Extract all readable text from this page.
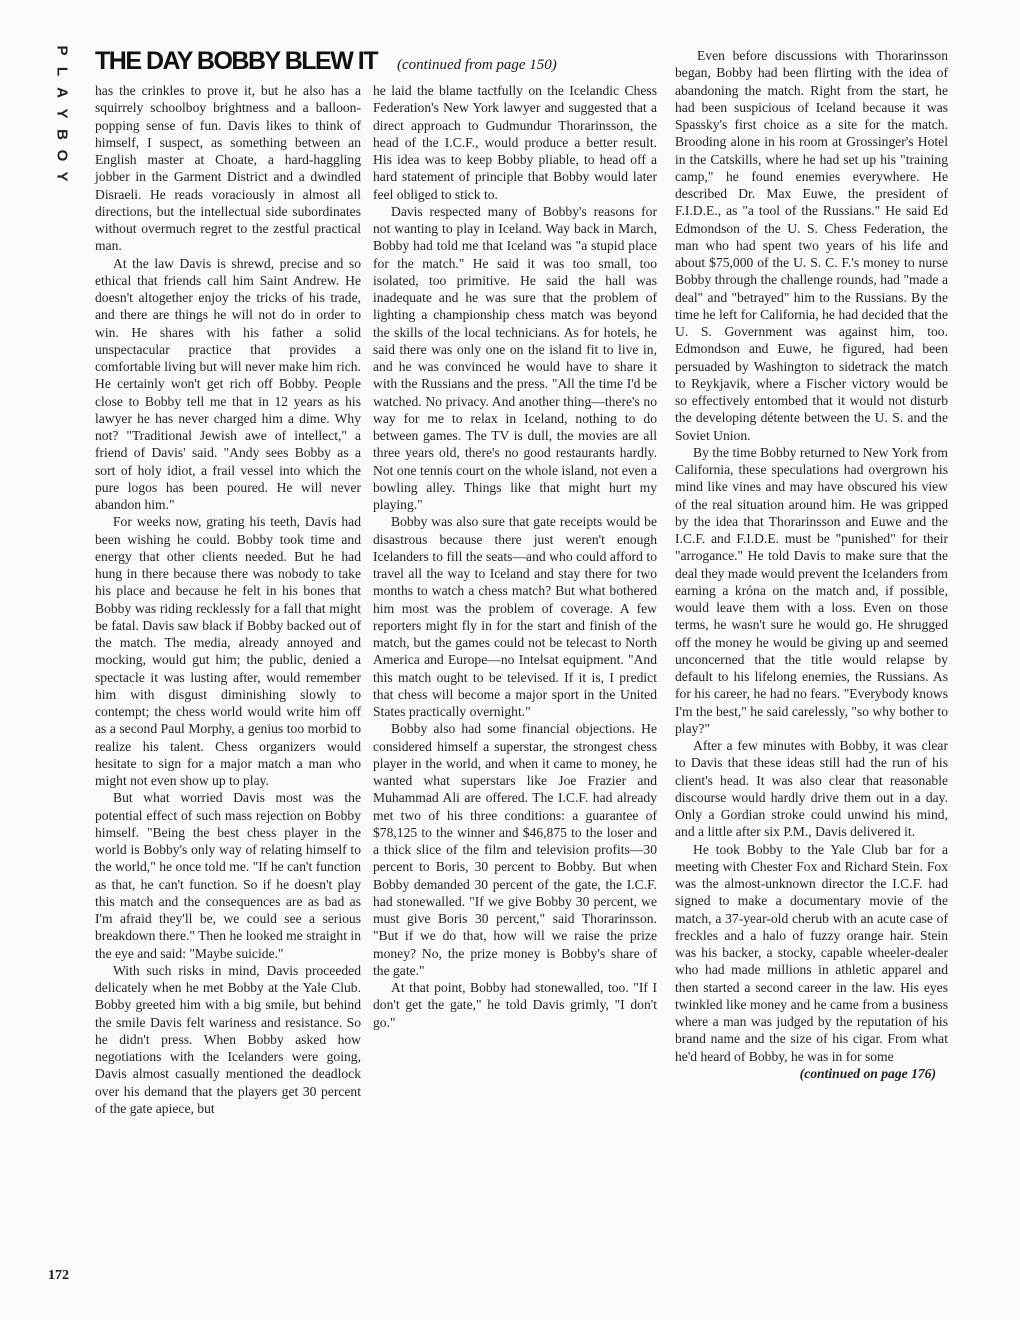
P
L
A
Y
B
O
Y
THE DAY BOBBY BLEW IT (continued from page 150)

has the crinkles to prove it, but he also has a squirrely schoolboy brightness and a balloon-popping sense of fun. Davis likes to think of himself, I suspect, as something between an English master at Choate, a hard-haggling jobber in the Garment District and a dwindled Disraeli. He reads voraciously in almost all directions, but the intellectual side subordinates without overmuch regret to the zestful practical man.

At the law Davis is shrewd, precise and so ethical that friends call him Saint Andrew. He doesn't altogether enjoy the tricks of his trade, and there are things he will not do in order to win. He shares with his father a solid unspectacular practice that provides a comfortable living but will never make him rich. He certainly won't get rich off Bobby. People close to Bobby tell me that in 12 years as his lawyer he has never charged him a dime. Why not? "Traditional Jewish awe of intellect," a friend of Davis' said. "Andy sees Bobby as a sort of holy idiot, a frail vessel into which the pure logos has been poured. He will never abandon him."

For weeks now, grating his teeth, Davis had been wishing he could. Bobby took time and energy that other clients needed. But he had hung in there because there was nobody to take his place and because he felt in his bones that Bobby was riding recklessly for a fall that might be fatal. Davis saw black if Bobby backed out of the match. The media, already annoyed and mocking, would gut him; the public, denied a spectacle it was lusting after, would remember him with disgust diminishing slowly to contempt; the chess world would write him off as a second Paul Morphy, a genius too morbid to realize his talent. Chess organizers would hesitate to sign for a major match a man who might not even show up to play.

But what worried Davis most was the potential effect of such mass rejection on Bobby himself. "Being the best chess player in the world is Bobby's only way of relating himself to the world," he once told me. "If he can't function as that, he can't function. So if he doesn't play this match and the consequences are as bad as I'm afraid they'll be, we could see a serious breakdown there." Then he looked me straight in the eye and said: "Maybe suicide."

With such risks in mind, Davis proceeded delicately when he met Bobby at the Yale Club. Bobby greeted him with a big smile, but behind the smile Davis felt wariness and resistance. So he didn't press. When Bobby asked how negotiations with the Icelanders were going, Davis almost casually mentioned the deadlock over his demand that the players get 30 percent of the gate apiece, but

he laid the blame tactfully on the Icelandic Chess Federation's New York lawyer and suggested that a direct approach to Gudmundur Thorarinsson, the head of the I.C.F., would produce a better result. His idea was to keep Bobby pliable, to head off a hard statement of principle that Bobby would later feel obliged to stick to.

Davis respected many of Bobby's reasons for not wanting to play in Iceland. Way back in March, Bobby had told me that Iceland was "a stupid place for the match." He said it was too small, too isolated, too primitive. He said the hall was inadequate and he was sure that the problem of lighting a championship chess match was beyond the skills of the local technicians. As for hotels, he said there was only one on the island fit to live in, and he was convinced he would have to share it with the Russians and the press. "All the time I'd be watched. No privacy. And another thing—there's no way for me to relax in Iceland, nothing to do between games. The TV is dull, the movies are all three years old, there's no good restaurants hardly. Not one tennis court on the whole island, not even a bowling alley. Things like that might hurt my playing."

Bobby was also sure that gate receipts would be disastrous because there just weren't enough Icelanders to fill the seats—and who could afford to travel all the way to Iceland and stay there for two months to watch a chess match? But what bothered him most was the problem of coverage. A few reporters might fly in for the start and finish of the match, but the games could not be telecast to North America and Europe—no Intelsat equipment. "And this match ought to be televised. If it is, I predict that chess will become a major sport in the United States practically overnight."

Bobby also had some financial objections. He considered himself a superstar, the strongest chess player in the world, and when it came to money, he wanted what superstars like Joe Frazier and Muhammad Ali are offered. The I.C.F. had already met two of his three conditions: a guarantee of $78,125 to the winner and $46,875 to the loser and a thick slice of the film and television profits—30 percent to Boris, 30 percent to Bobby. But when Bobby demanded 30 percent of the gate, the I.C.F. had stonewalled. "If we give Bobby 30 percent, we must give Boris 30 percent," said Thorarinsson. "But if we do that, how will we raise the prize money? No, the prize money is Bobby's share of the gate."

At that point, Bobby had stonewalled, too. "If I don't get the gate," he told Davis grimly, "I don't go."

Even before discussions with Thorarinsson began, Bobby had been flirting with the idea of abandoning the match. Right from the start, he had been suspicious of Iceland because it was Spassky's first choice as a site for the match. Brooding alone in his room at Grossinger's Hotel in the Catskills, where he had set up his "training camp," he found enemies everywhere. He described Dr. Max Euwe, the president of F.I.D.E., as "a tool of the Russians." He said Ed Edmondson of the U. S. Chess Federation, the man who had spent two years of his life and about $75,000 of the U. S. C. F.'s money to nurse Bobby through the challenge rounds, had "made a deal" and "betrayed" him to the Russians. By the time he left for California, he had decided that the U. S. Government was against him, too. Edmondson and Euwe, he figured, had been persuaded by Washington to sidetrack the match to Reykjavik, where a Fischer victory would be so effectively entombed that it would not disturb the developing détente between the U. S. and the Soviet Union.

By the time Bobby returned to New York from California, these speculations had overgrown his mind like vines and may have obscured his view of the real situation around him. He was gripped by the idea that Thorarinsson and Euwe and the I.C.F. and F.I.D.E. must be "punished" for their "arrogance." He told Davis to make sure that the deal they made would prevent the Icelanders from earning a króna on the match and, if possible, would leave them with a loss. Even on those terms, he wasn't sure he would go. He shrugged off the money he would be giving up and seemed unconcerned that the title would relapse by default to his lifelong enemies, the Russians. As for his career, he had no fears. "Everybody knows I'm the best," he said carelessly, "so why bother to play?"

After a few minutes with Bobby, it was clear to Davis that these ideas still had the run of his client's head. It was also clear that reasonable discourse would hardly drive them out in a day. Only a Gordian stroke could unwind his mind, and a little after six P.M., Davis delivered it.

He took Bobby to the Yale Club bar for a meeting with Chester Fox and Richard Stein. Fox was the almost-unknown director the I.C.F. had signed to make a documentary movie of the match, a 37-year-old cherub with an acute case of freckles and a halo of fuzzy orange hair. Stein was his backer, a stocky, capable wheeler-dealer who had made millions in athletic apparel and then started a second career in the law. His eyes twinkled like money and he came from a business where a man was judged by the reputation of his brand name and the size of his cigar. From what he'd heard of Bobby, he was in for some

(continued on page 176)

172
